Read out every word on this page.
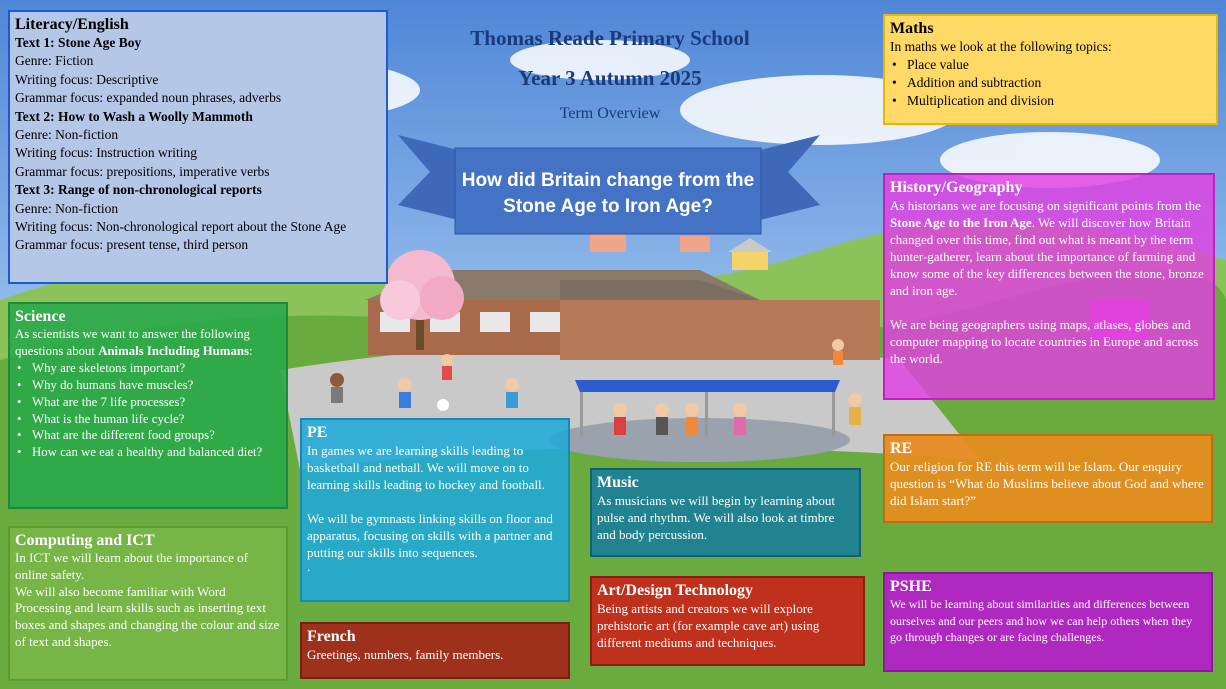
Thomas Reade Primary School
Year 3 Autumn 2025
Term Overview
How did Britain change from the Stone Age to Iron Age?
Literacy/English
Text 1: Stone Age Boy
Genre: Fiction
Writing focus: Descriptive
Grammar focus: expanded noun phrases, adverbs
Text 2: How to Wash a Woolly Mammoth
Genre: Non-fiction
Writing focus: Instruction writing
Grammar focus: prepositions, imperative verbs
Text 3: Range of non-chronological reports
Genre: Non-fiction
Writing focus: Non-chronological report about the Stone Age
Grammar focus: present tense, third person
Maths

In maths we look at the following topics:

• Place value
• Addition and subtraction
• Multiplication and division
History/Geography

As historians we are focusing on significant points from the Stone Age to the Iron Age. We will discover how Britain changed over this time, find out what is meant by the term hunter-gatherer, learn about the importance of farming and know some of the key differences between the stone, bronze and iron age.

We are being geographers using maps, atlases, globes and computer mapping to locate countries in Europe and across the world.

Science

As scientists we want to answer the following questions about Animals Including Humans:

• Why are skeletons important?
• Why do humans have muscles?
• What are the 7 life processes?
• What is the human life cycle?
• What are the different food groups?
• How can we eat a healthy and balanced diet?
PE

In games we are learning skills leading to basketball and netball. We will move on to learning skills leading to hockey and football.

We will be gymnasts linking skills on floor and apparatus, focusing on skills with a partner and putting our skills into sequences.

.

Music

As musicians we will begin by learning about pulse and rhythm. We will also look at timbre and body percussion.

RE

Our religion for RE this term will be Islam. Our enquiry question is “What do Muslims believe about God and where did Islam start?”

Computing and ICT

In ICT we will learn about the importance of online safety.

We will also become familiar with Word Processing and learn skills such as inserting text boxes and shapes and changing the colour and size of text and shapes.	French

Greetings, numbers, family members.

Art/Design Technology

Being artists and creators we will explore prehistoric art (for example cave art) using different mediums and techniques.

PSHE

We will be learning about similarities and differences between ourselves and our peers and how we can help others when they go through changes or are facing challenges.
